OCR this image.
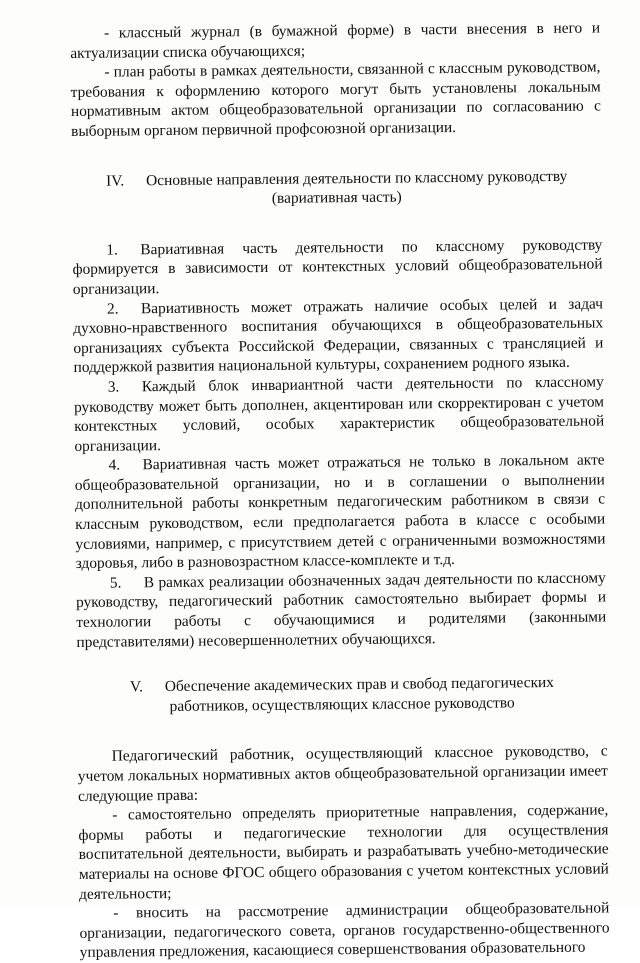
- классный журнал (в бумажной форме) в части внесения в него и актуализации списка обучающихся;

- план работы в рамках деятельности, связанной с классным руководством, требования к оформлению которого могут быть установлены локальным нормативным актом общеобразовательной организации по согласованию с выборным органом первичной профсоюзной организации.

IV. Основные направления деятельности по классному руководству
(вариативная часть)

1. Вариативная часть деятельности по классному руководству формируется в зависимости от контекстных условий общеобразовательной организации.

2. Вариативность может отражать наличие особых целей и задач духовно-нравственного воспитания обучающихся в общеобразовательных организациях субъекта Российской Федерации, связанных с трансляцией и поддержкой развития национальной культуры, сохранением родного языка.

3. Каждый блок инвариантной части деятельности по классному руководству может быть дополнен, акцентирован или скорректирован с учетом контекстных условий, особых характеристик общеобразовательной организации.

4. Вариативная часть может отражаться не только в локальном акте общеобразовательной организации, но и в соглашении о выполнении дополнительной работы конкретным педагогическим работником в связи с классным руководством, если предполагается работа в классе с особыми условиями, например, с присутствием детей с ограниченными возможностями здоровья, либо в разновозрастном классе-комплекте и т.д.

5. В рамках реализации обозначенных задач деятельности по классному руководству, педагогический работник самостоятельно выбирает формы и технологии работы с обучающимися и родителями (законными представителями) несовершеннолетних обучающихся.

V. Обеспечение академических прав и свобод педагогических
работников, осуществляющих классное руководство

Педагогический работник, осуществляющий классное руководство, с учетом локальных нормативных актов общеобразовательной организации имеет следующие права:

- самостоятельно определять приоритетные направления, содержание, формы работы и педагогические технологии для осуществления воспитательной деятельности, выбирать и разрабатывать учебно-методические материалы на основе ФГОС общего образования с учетом контекстных условий деятельности;

- вносить на рассмотрение администрации общеобразовательной организации, педагогического совета, органов государственно-общественного управления предложения, касающиеся совершенствования образовательного
